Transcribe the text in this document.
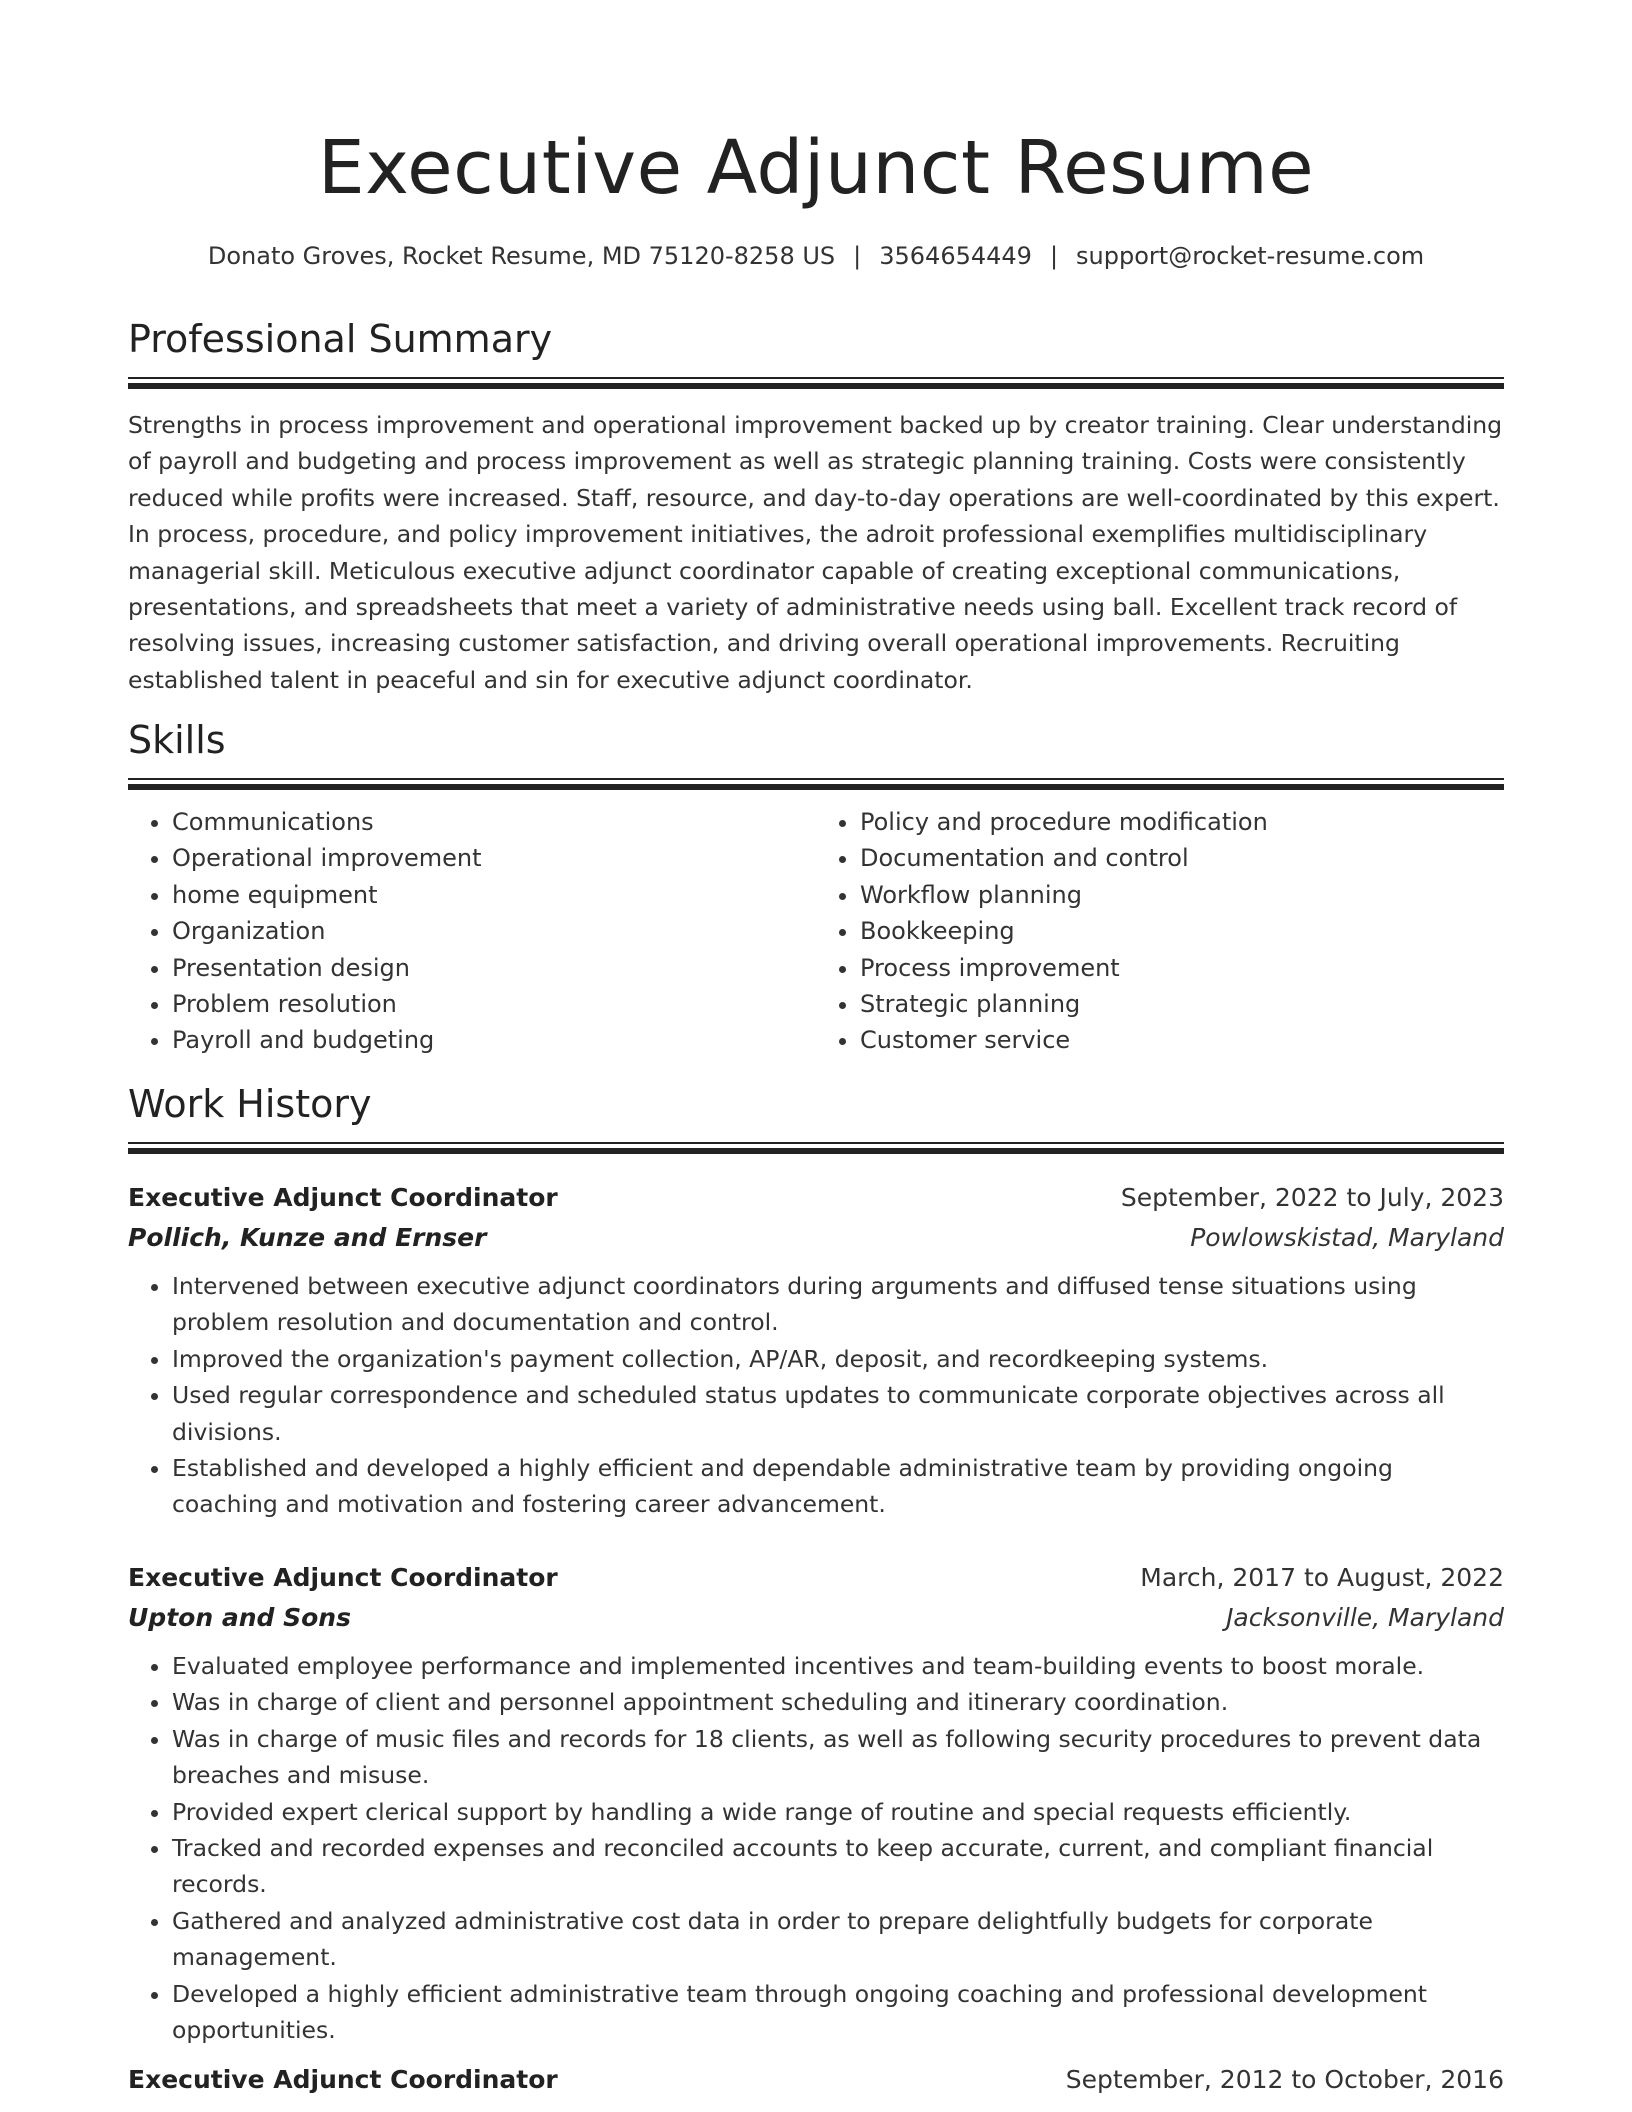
Executive Adjunct Resume
Donato Groves, Rocket Resume, MD 75120-8258 US | 3564654449 | support@rocket-resume.com
Professional Summary

Strengths in process improvement and operational improvement backed up by creator training. Clear understanding of payroll and budgeting and process improvement as well as strategic planning training. Costs were consistently reduced while profits were increased. Staff, resource, and day-to-day operations are well-coordinated by this expert. In process, procedure, and policy improvement initiatives, the adroit professional exemplifies multidisciplinary managerial skill. Meticulous executive adjunct coordinator capable of creating exceptional communications, presentations, and spreadsheets that meet a variety of administrative needs using ball. Excellent track record of resolving issues, increasing customer satisfaction, and driving overall operational improvements. Recruiting established talent in peaceful and sin for executive adjunct coordinator.

Skills
• Communications
• Operational improvement
• home equipment
• Organization
• Presentation design
• Problem resolution
• Payroll and budgeting
• Policy and procedure modification
• Documentation and control
• Workflow planning
• Bookkeeping
• Process improvement
• Strategic planning
• Customer service
Work History
Executive Adjunct Coordinator	September, 2022 to July, 2023
Pollich, Kunze and Ernser	Powlowskistad, Maryland
• Intervened between executive adjunct coordinators during arguments and diffused tense situations using problem resolution and documentation and control.
• Improved the organization's payment collection, AP/AR, deposit, and recordkeeping systems.
• Used regular correspondence and scheduled status updates to communicate corporate objectives across all divisions.
• Established and developed a highly efficient and dependable administrative team by providing ongoing coaching and motivation and fostering career advancement.
Executive Adjunct Coordinator	March, 2017 to August, 2022
Upton and Sons	Jacksonville, Maryland
• Evaluated employee performance and implemented incentives and team-building events to boost morale.
• Was in charge of client and personnel appointment scheduling and itinerary coordination.
• Was in charge of music files and records for 18 clients, as well as following security procedures to prevent data breaches and misuse.
• Provided expert clerical support by handling a wide range of routine and special requests efficiently.
• Tracked and recorded expenses and reconciled accounts to keep accurate, current, and compliant financial records.
• Gathered and analyzed administrative cost data in order to prepare delightfully budgets for corporate management.
• Developed a highly efficient administrative team through ongoing coaching and professional development opportunities.
Executive Adjunct Coordinator	September, 2012 to October, 2016
